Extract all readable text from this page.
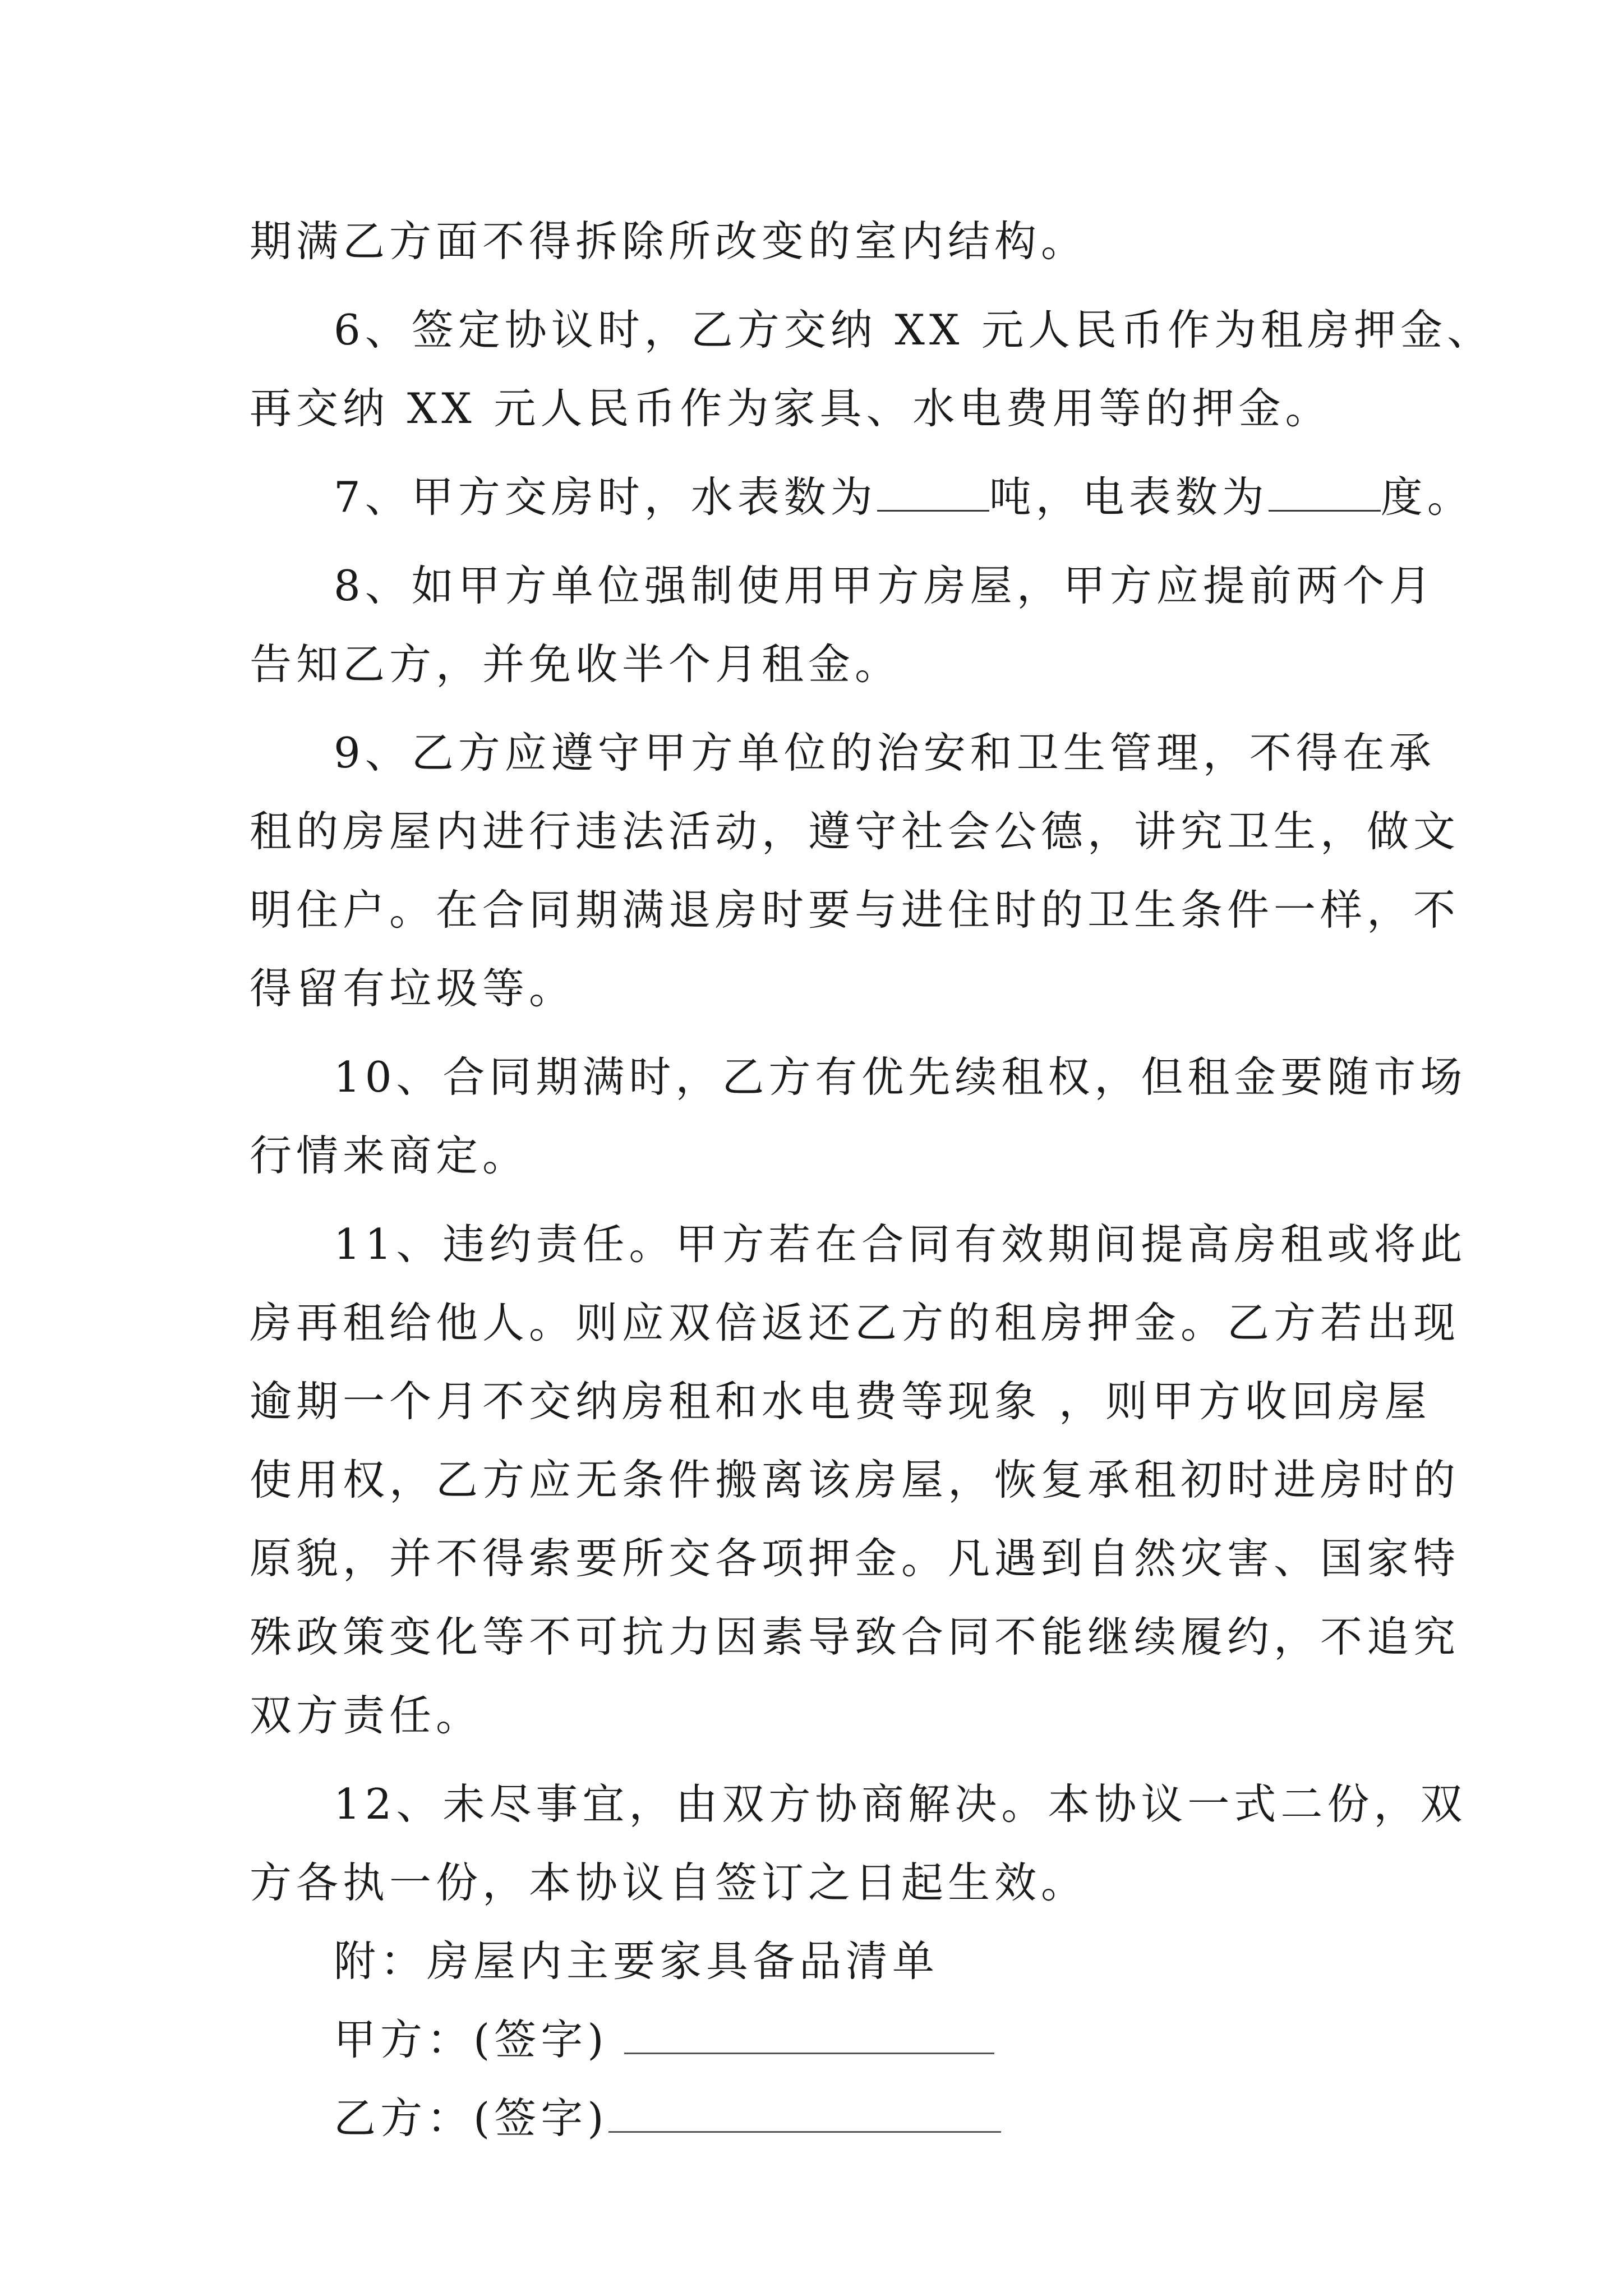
期满乙方面不得拆除所改变的室内结构。
6、签定协议时，乙方交纳 XX 元人民币作为租房押金、
再交纳 XX 元人民币作为家具、水电费用等的押金。
7、甲方交房时，水表数为	吨，电表数为	度。
8、如甲方单位强制使用甲方房屋，甲方应提前两个月
告知乙方，并免收半个月租金。
9、乙方应遵守甲方单位的治安和卫生管理，不得在承
租的房屋内进行违法活动，遵守社会公德，讲究卫生，做文
明住户。在合同期满退房时要与进住时的卫生条件一样，不
得留有垃圾等。
10、合同期满时，乙方有优先续租权，但租金要随市场
行情来商定。
11、违约责任。甲方若在合同有效期间提高房租或将此
房再租给他人。则应双倍返还乙方的租房押金。乙方若出现
逾期一个月不交纳房租和水电费等现象 ，则甲方收回房屋
使用权，乙方应无条件搬离该房屋，恢复承租初时进房时的
原貌，并不得索要所交各项押金。凡遇到自然灾害、国家特
殊政策变化等不可抗力因素导致合同不能继续履约，不追究
双方责任。
12、未尽事宜，由双方协商解决。本协议一式二份，双
方各执一份，本协议自签订之日起生效。
附：房屋内主要家具备品清单
甲方：(签字)
乙方：(签字)
